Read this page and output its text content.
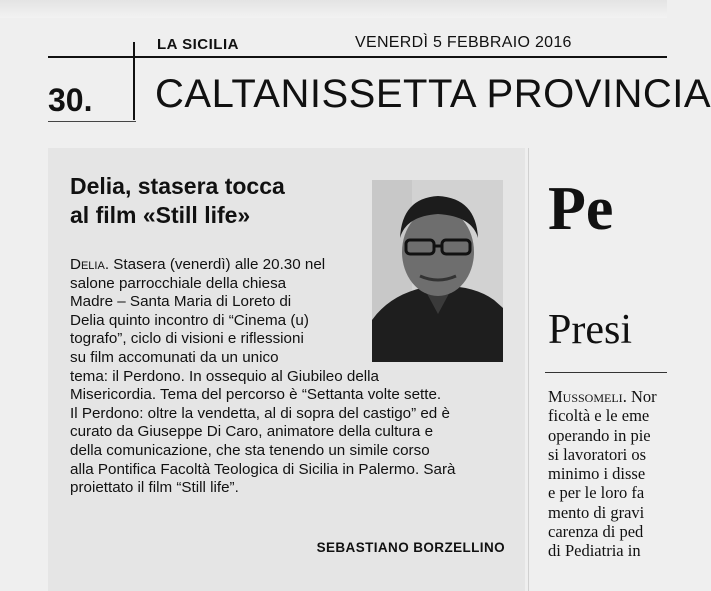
LA SICILIA	VENERDÌ 5 FEBBRAIO 2016
30. CALTANISSETTA PROVINCIA
Delia, stasera tocca
al film «Still life»
Delia. Stasera (venerdì) alle 20.30 nel
salone parrocchiale della chiesa
Madre – Santa Maria di Loreto di
Delia quinto incontro di “Cinema (u)
tografo”, ciclo di visioni e riflessioni
su film accomunati da un unico
tema: il Perdono. In ossequio al Giubileo della
Misericordia. Tema del percorso è “Settanta volte sette.
Il Perdono: oltre la vendetta, al di sopra del castigo” ed è
curato da Giuseppe Di Caro, animatore della cultura e
della comunicazione, che sta tenendo un simile corso
alla Pontifica Facoltà Teologica di Sicilia in Palermo. Sarà
proiettato il film “Still life”.
SEBASTIANO BORZELLINO
Pe
Presi
Mussomeli. Nor
ficoltà e le eme
operando in pie
si lavoratori os
minimo i disse
e per le loro fa
mento di gravi
carenza di ped
di Pediatria in
